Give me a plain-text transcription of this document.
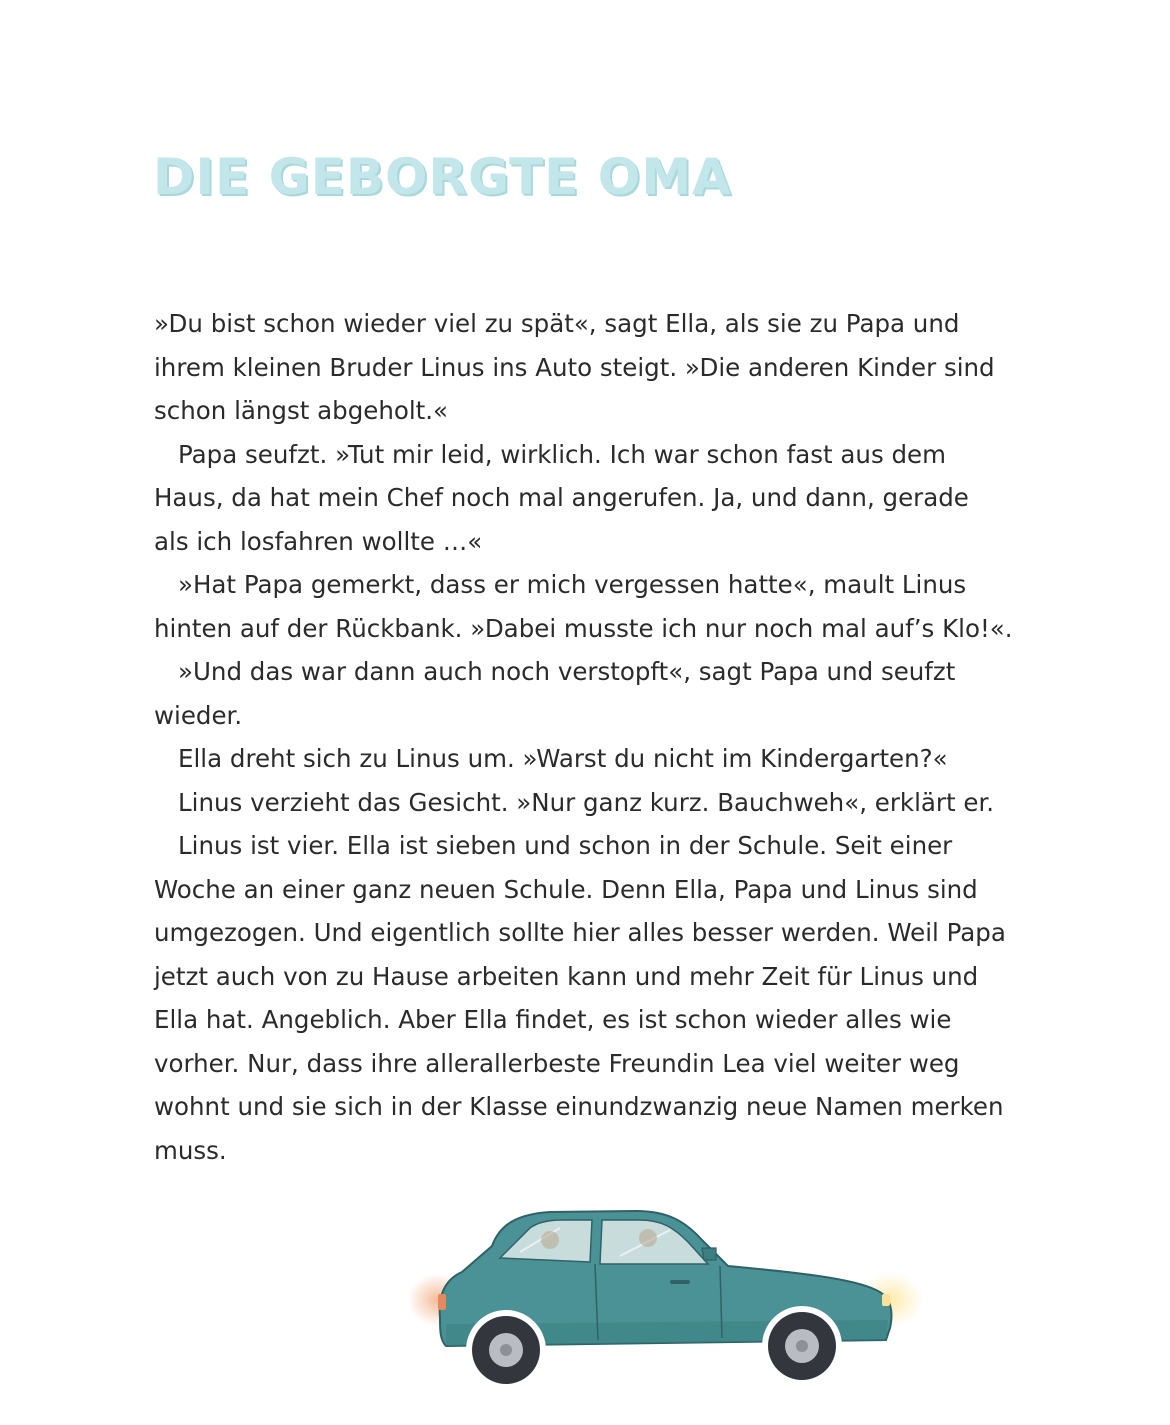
DIE GEBORGTE OMA

»Du bist schon wieder viel zu spät«, sagt Ella, als sie zu Papa und

ihrem kleinen Bruder Linus ins Auto steigt. »Die anderen Kinder sind

schon längst abgeholt.«

Papa seufzt. »Tut mir leid, wirklich. Ich war schon fast aus dem

Haus, da hat mein Chef noch mal angerufen. Ja, und dann, gerade

als ich losfahren wollte …«

»Hat Papa gemerkt, dass er mich vergessen hatte«, mault Linus

hinten auf der Rückbank. »Dabei musste ich nur noch mal auf’s Klo!«.

»Und das war dann auch noch verstopft«, sagt Papa und seufzt

wieder.

Ella dreht sich zu Linus um. »Warst du nicht im Kindergarten?«

Linus verzieht das Gesicht. »Nur ganz kurz. Bauchweh«, erklärt er.

Linus ist vier. Ella ist sieben und schon in der Schule. Seit einer

Woche an einer ganz neuen Schule. Denn Ella, Papa und Linus sind

umgezogen. Und eigentlich sollte hier alles besser werden. Weil Papa

jetzt auch von zu Hause arbeiten kann und mehr Zeit für Linus und

Ella hat. Angeblich. Aber Ella findet, es ist schon wieder alles wie

vorher. Nur, dass ihre allerallerbeste Freundin Lea viel weiter weg

wohnt und sie sich in der Klasse einundzwanzig neue Namen merken

muss.
